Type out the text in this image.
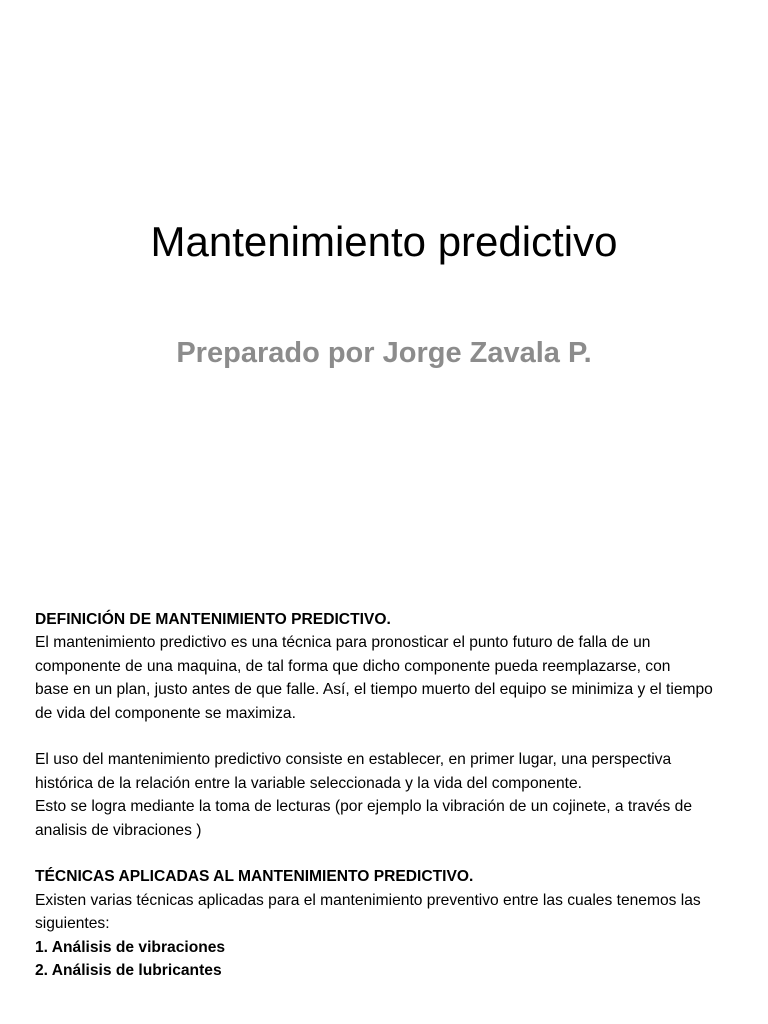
Mantenimiento predictivo
Preparado por Jorge Zavala P.

DEFINICIÓN DE MANTENIMIENTO PREDICTIVO.

El mantenimiento predictivo es una técnica para pronosticar el punto futuro de falla de un componente de una maquina, de tal forma que dicho componente pueda reemplazarse, con

base en un plan, justo antes de que falle. Así, el tiempo muerto del equipo se minimiza y el tiempo de vida del componente se maximiza.

El uso del mantenimiento predictivo consiste en establecer, en primer lugar, una perspectiva histórica de la relación entre la variable seleccionada y la vida del componente.

Esto se logra mediante la toma de lecturas (por ejemplo la vibración de un cojinete, a través de analisis de vibraciones )

TÉCNICAS APLICADAS AL MANTENIMIENTO PREDICTIVO.

Existen varias técnicas aplicadas para el mantenimiento preventivo entre las cuales tenemos las siguientes:

1. Análisis de vibraciones

2. Análisis de lubricantes
